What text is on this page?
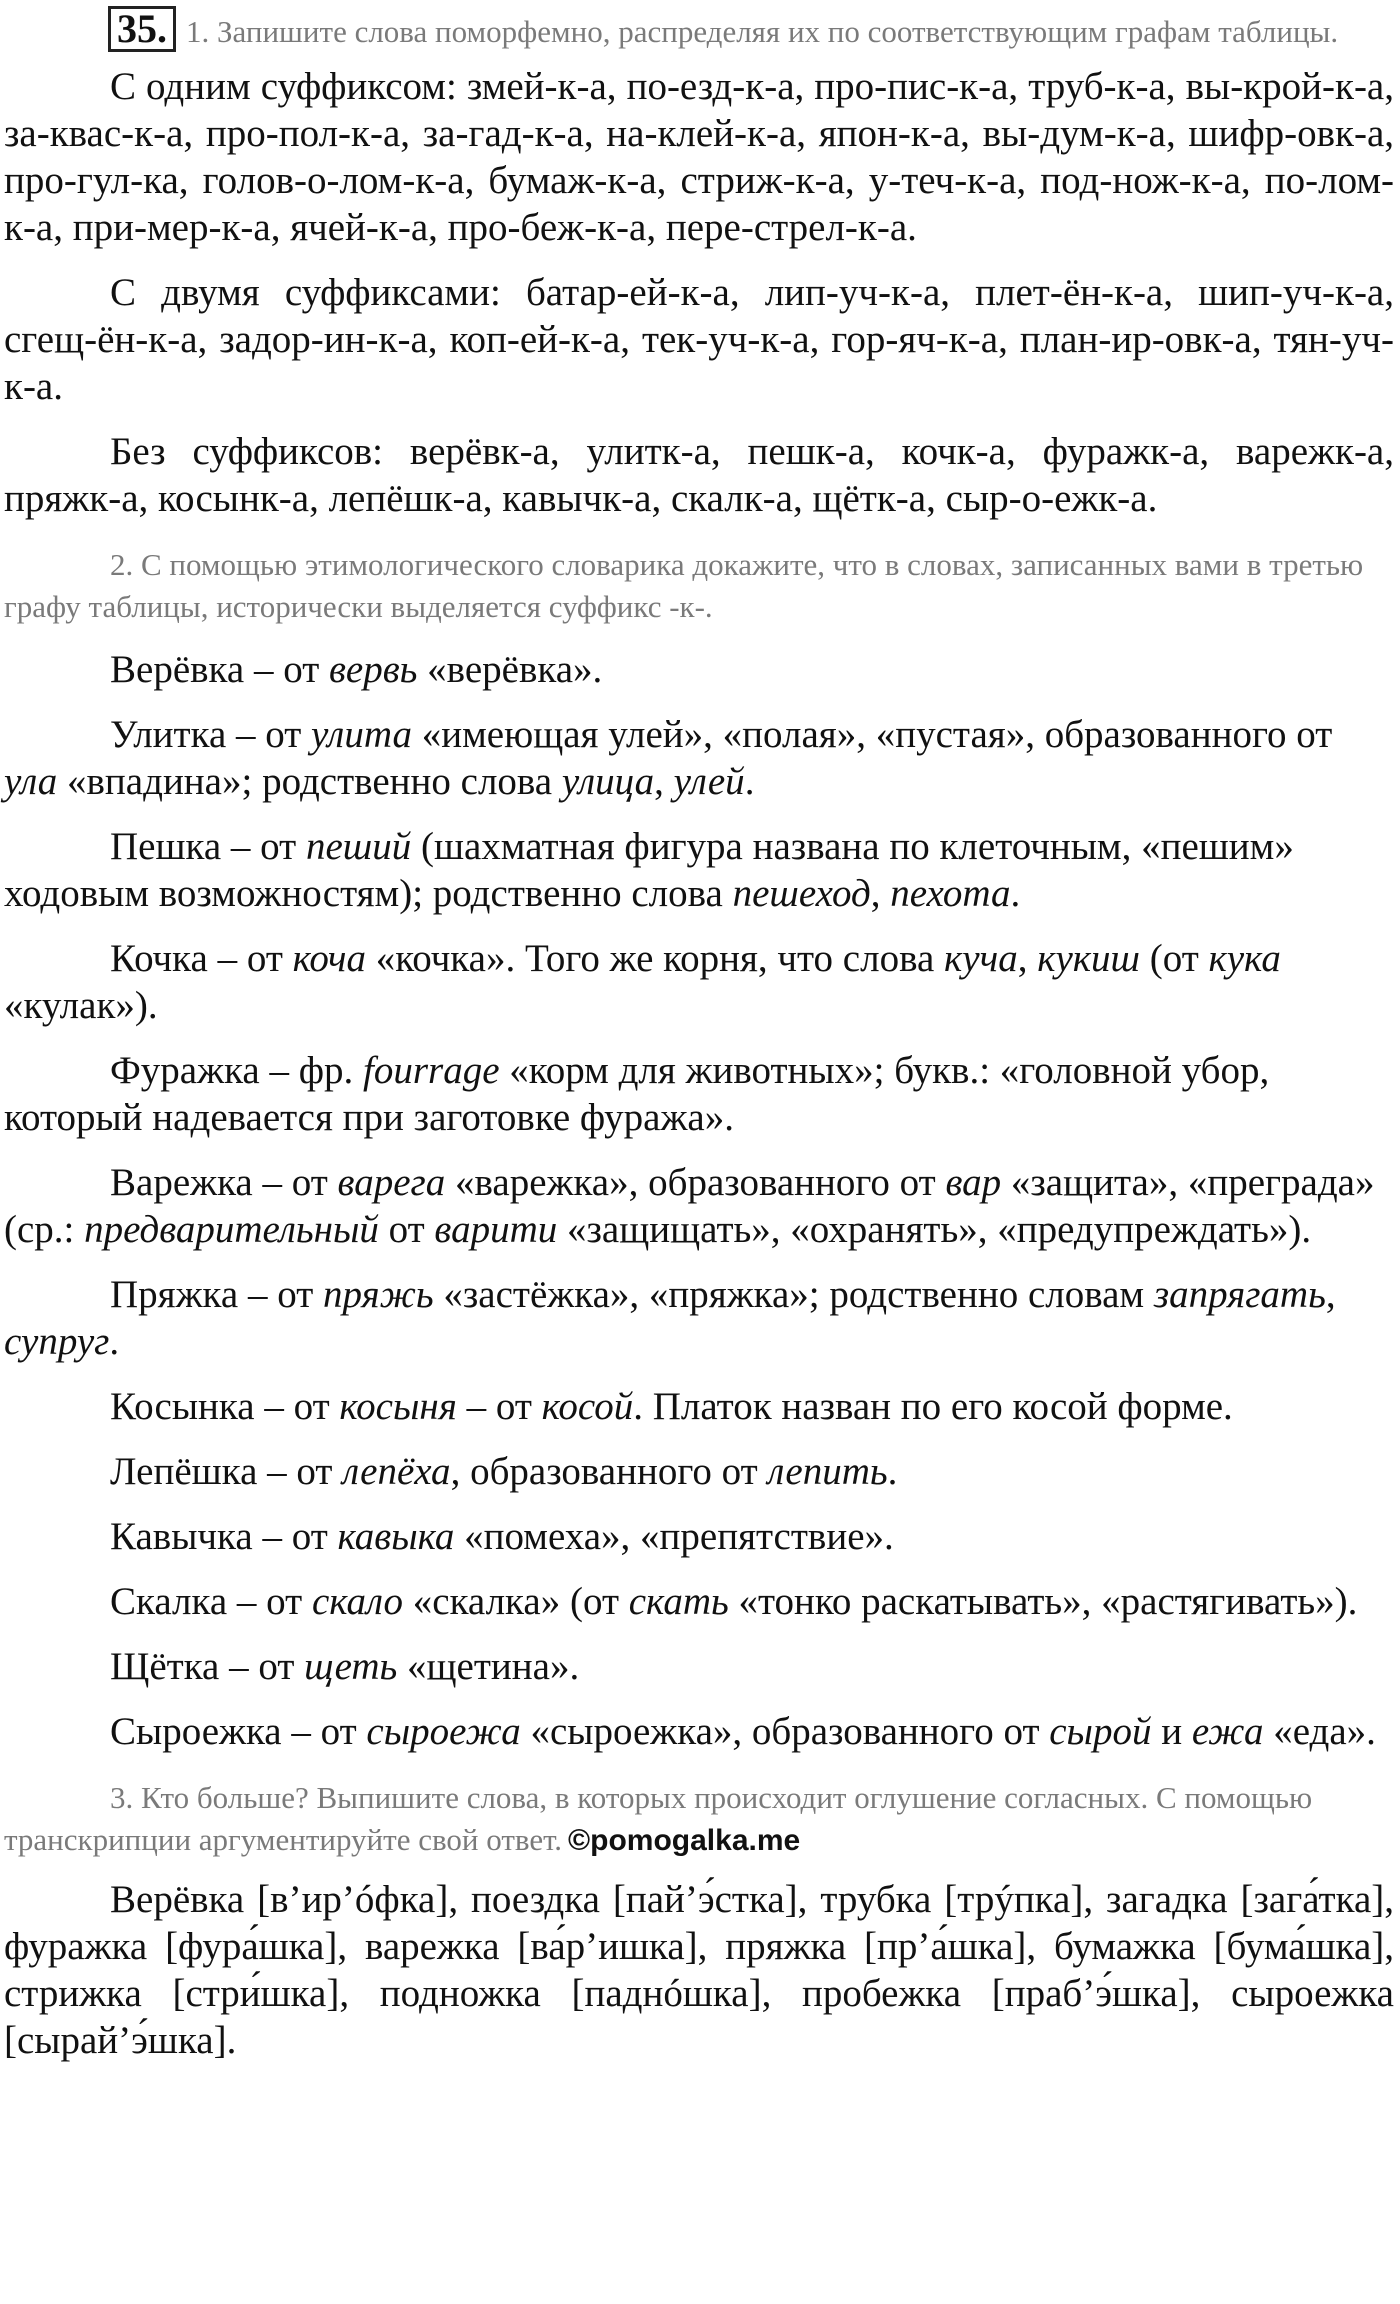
35. 1. Запишите слова поморфемно, распределяя их по соответствующим графам таблицы.

С одним суффиксом: змей-к-а, по-езд-к-а, про-пис-к-а, труб-к-а, вы-крой-к-а, за-квас-к-а, про-пол-к-а, за-гад-к-а, на-клей-к-а, япон-к-а, вы-дум-к-а, шифр-овк-а, про-гул-ка, голов-о-лом-к-а, бумаж-к-а, стриж-к-а, у-теч-к-а, под-нож-к-а, по-лом-к-а, при-мер-к-а, ячей-к-а, про-беж-к-а, пере-стрел-к-а.

С двумя суффиксами: батар-ей-к-а, лип-уч-к-а, плет-ён-к-а, шип-уч-к-а, сгещ-ён-к-а, задор-ин-к-а, коп-ей-к-а, тек-уч-к-а, гор-яч-к-а, план-ир-овк-а, тян-уч-к-а.

Без суффиксов: верёвк-а, улитк-а, пешк-а, кочк-а, фуражк-а, варежк-а, пряжк-а, косынк-а, лепёшк-а, кавычк-а, скалк-а, щётк-а, сыр-о-ежк-а.

2. С помощью этимологического словарика докажите, что в словах, записанных вами в третью графу таблицы, исторически выделяется суффикс -к-.

Верёвка – от вервь «верёвка».

Улитка – от улита «имеющая улей», «полая», «пустая», образованного от ула «впадина»; родственно слова улица, улей.

Пешка – от пеший (шахматная фигура названа по клеточным, «пешим» ходовым возможностям); родственно слова пешеход, пехота.

Кочка – от коча «кочка». Того же корня, что слова куча, кукиш (от кука «кулак»).

Фуражка – фр. fourrage «корм для животных»; букв.: «головной убор, который надевается при заготовке фуража».

Варежка – от варега «варежка», образованного от вар «защита», «преграда» (ср.: предварительный от варити «защищать», «охранять», «предупреждать»).

Пряжка – от пряжь «застёжка», «пряжка»; родственно словам запрягать, супруг.

Косынка – от косыня – от косой. Платок назван по его косой форме.

Лепёшка – от лепёха, образованного от лепить.

Кавычка – от кавыка «помеха», «препятствие».

Скалка – от скало «скалка» (от скать «тонко раскатывать», «растягивать»).

Щётка – от щеть «щетина».

Сыроежка – от сыроежа «сыроежка», образованного от сырой и ежа «еда».

3. Кто больше? Выпишите слова, в которых происходит оглушение согласных. С помощью транскрипции аргументируйте свой ответ. ©pomogalka.me

Верёвка [в’ир’óфка], поездка [пай’э́стка], трубка [трýпка], загадка [зага́тка], фуражка [фура́шка], варежка [ва́р’ишка], пряжка [пр’а́шка], бумажка [бума́шка], стрижка [стри́шка], подножка [паднóшка], пробежка [праб’э́шка], сыроежка [сырай’э́шка].
